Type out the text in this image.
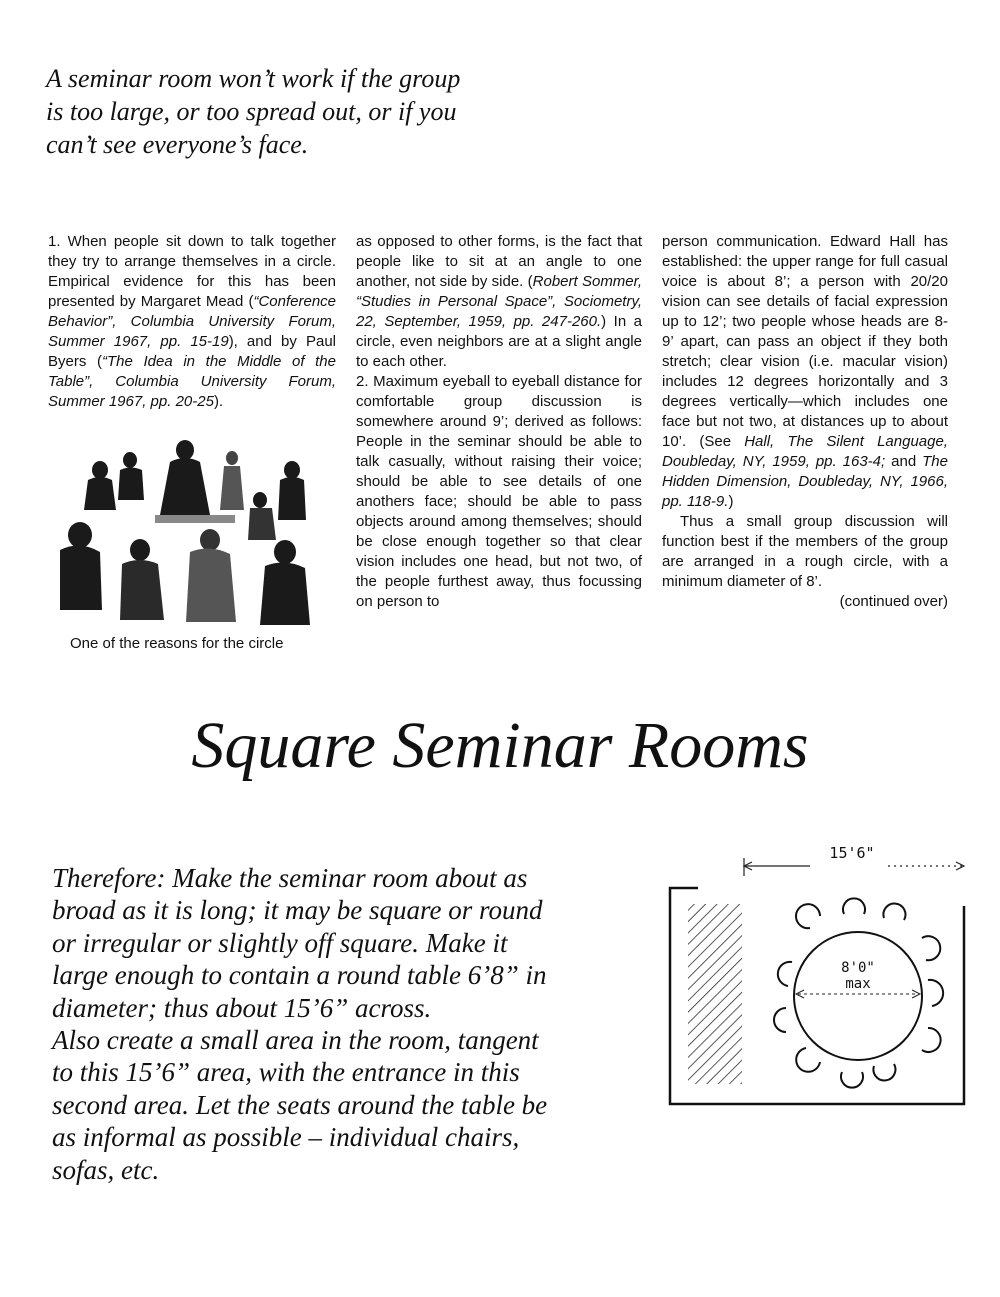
A seminar room won’t work if the group
is too large, or too spread out, or if you
can’t see everyone’s face.

1. When people sit down to talk together they try to arrange themselves in a circle. Empirical evidence for this has been presented by Margaret Mead (“Conference Behavior”, Columbia University Forum, Summer 1967, pp. 15-19), and by Paul Byers (“The Idea in the Middle of the Table”, Columbia University Forum, Summer 1967, pp. 20-25).

One of the reasons for the circle

as opposed to other forms, is the fact that people like to sit at an angle to one another, not side by side. (Robert Sommer, “Studies in Personal Space”, Sociometry, 22, September, 1959, pp. 247-260.) In a circle, even neighbors are at a slight angle to each other.

2. Maximum eyeball to eyeball distance for comfortable group discussion is somewhere around 9’; derived as follows: People in the seminar should be able to talk casually, without raising their voice; should be able to see details of one anothers face; should be able to pass objects around among themselves; should be close enough together so that clear vision includes one head, but not two, of the people furthest away, thus focussing on person to

person communication. Edward Hall has established: the upper range for full casual voice is about 8’; a person with 20/20 vision can see details of facial expression up to 12’; two people whose heads are 8-9’ apart, can pass an object if they both stretch; clear vision (i.e. macular vision) includes 12 degrees horizontally and 3 degrees vertically—which includes one face but not two, at distances up to about 10’. (See Hall, The Silent Language, Doubleday, NY, 1959, pp. 163-4; and The Hidden Dimension, Doubleday, NY, 1966, pp. 118-9.)

Thus a small group discussion will function best if the members of the group are arranged in a rough circle, with a minimum diameter of 8’.
(continued over)

Square Seminar Rooms
Therefore: Make the seminar room about as
broad as it is long; it may be square or round
or irregular or slightly off square. Make it
large enough to contain a round table 6’8” in
diameter; thus about 15’6” across.
Also create a small area in the room, tangent
to this 15’6” area, with the entrance in this
second area. Let the seats around the table be
as informal as possible – individual chairs,
sofas, etc.
15'6"
8'0"
max
